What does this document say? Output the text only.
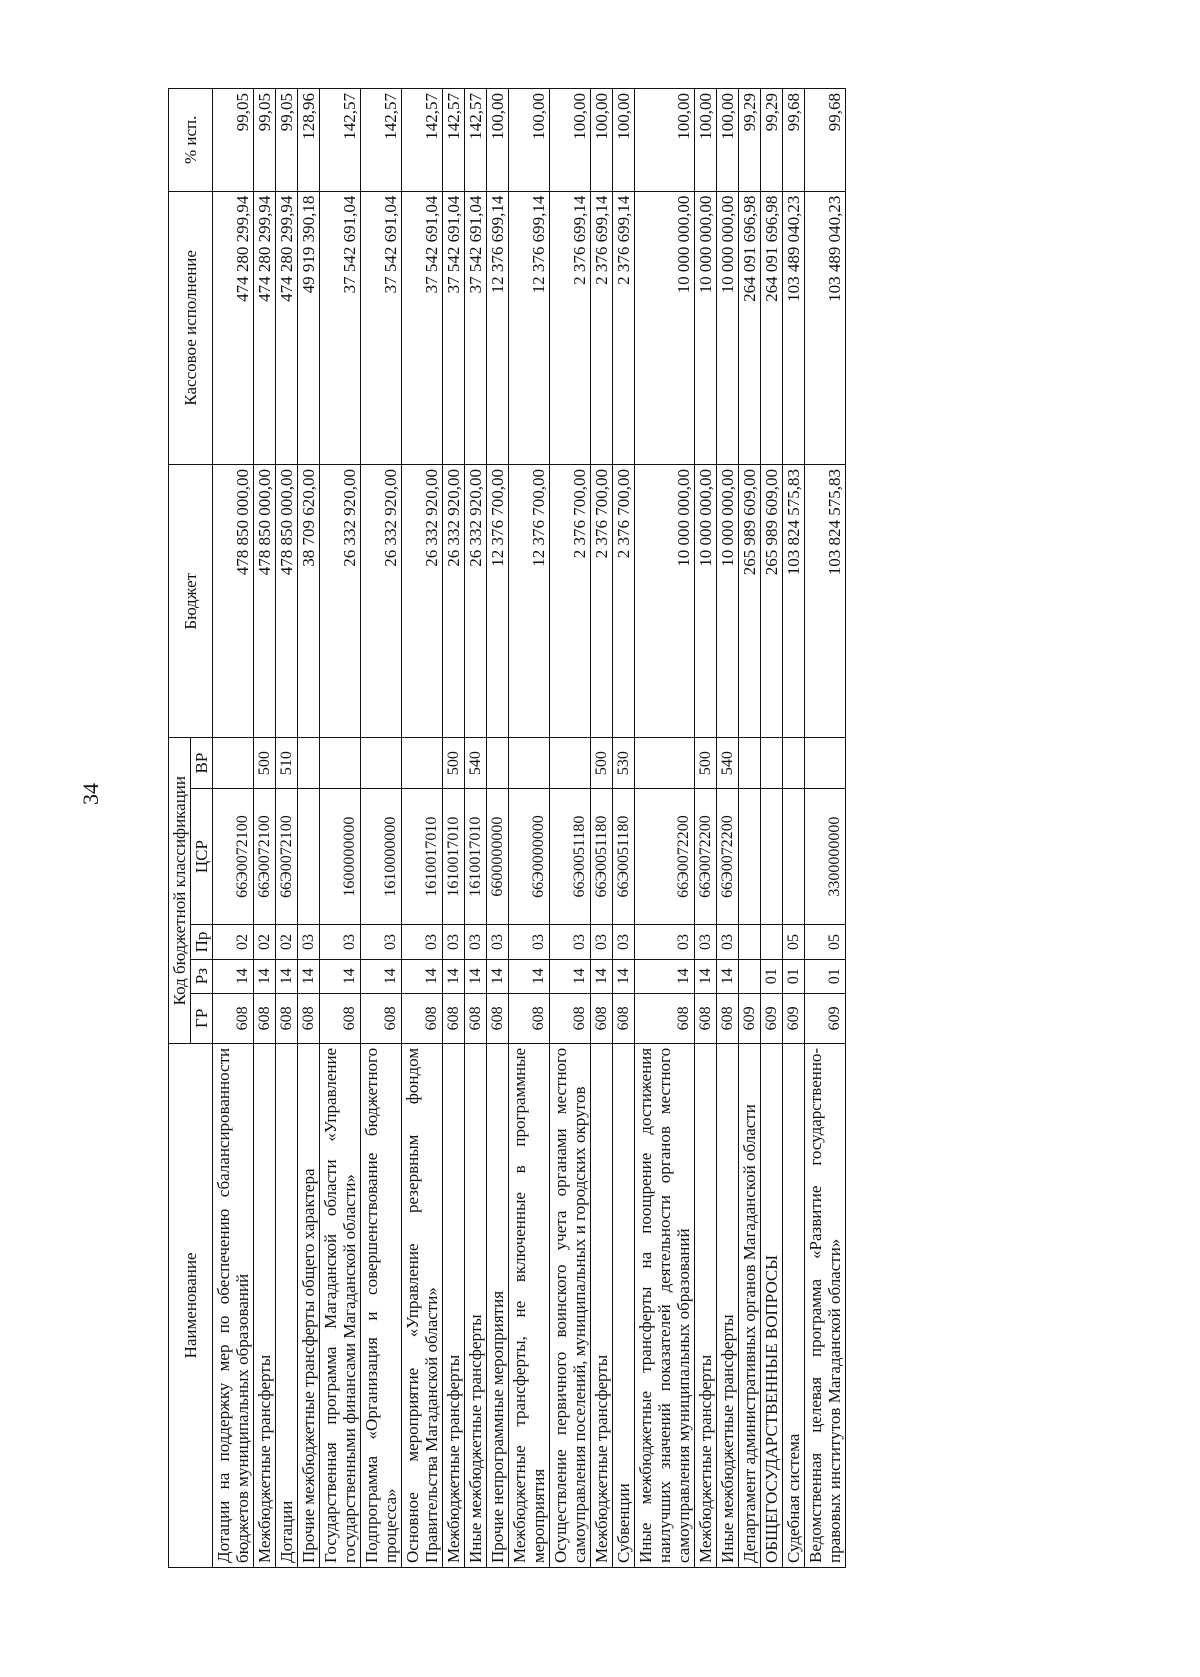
34
Наименование	Код бюджетной классификации					Бюджет	Кассовое исполнение	% исп.
	ГР	Рз	Пр	ЦСР	ВР			
Дотации на поддержку мер по обеспечению сбалансированности бюджетов муниципальных образований	608	14	02	66Э0072100		478 850 000,00	474 280 299,94	99,05
Межбюджетные трансферты	608	14	02	66Э0072100	500	478 850 000,00	474 280 299,94	99,05
Дотации	608	14	02	66Э0072100	510	478 850 000,00	474 280 299,94	99,05
Прочие межбюджетные трансферты общего характера	608	14	03			38 709 620,00	49 919 390,18	128,96
Государственная программа Магаданской области «Управление государственными финансами Магаданской области»	608	14	03	1600000000		26 332 920,00	37 542 691,04	142,57
Подпрограмма «Организация и совершенствование бюджетного процесса»	608	14	03	1610000000		26 332 920,00	37 542 691,04	142,57
Основное мероприятие «Управление резервным фондом Правительства Магаданской области»	608	14	03	1610017010		26 332 920,00	37 542 691,04	142,57
Межбюджетные трансферты	608	14	03	1610017010	500	26 332 920,00	37 542 691,04	142,57
Иные межбюджетные трансферты	608	14	03	1610017010	540	26 332 920,00	37 542 691,04	142,57
Прочие непрограммные мероприятия	608	14	03	6600000000		12 376 700,00	12 376 699,14	100,00
Межбюджетные трансферты, не включенные в программные мероприятия	608	14	03	66Э0000000		12 376 700,00	12 376 699,14	100,00
Осуществление первичного воинского учета органами местного самоуправления поселений, муниципальных и городских округов	608	14	03	66Э0051180		2 376 700,00	2 376 699,14	100,00
Межбюджетные трансферты	608	14	03	66Э0051180	500	2 376 700,00	2 376 699,14	100,00
Субвенции	608	14	03	66Э0051180	530	2 376 700,00	2 376 699,14	100,00
Иные межбюджетные трансферты на поощрение достижения наилучших значений показателей деятельности органов местного самоуправления муниципальных образований	608	14	03	66Э0072200		10 000 000,00	10 000 000,00	100,00
Межбюджетные трансферты	608	14	03	66Э0072200	500	10 000 000,00	10 000 000,00	100,00
Иные межбюджетные трансферты	608	14	03	66Э0072200	540	10 000 000,00	10 000 000,00	100,00
Департамент административных органов Магаданской области	609					265 989 609,00	264 091 696,98	99,29
ОБЩЕГОСУДАРСТВЕННЫЕ ВОПРОСЫ	609	01				265 989 609,00	264 091 696,98	99,29
Судебная система	609	01	05			103 824 575,83	103 489 040,23	99,68
Ведомственная целевая программа «Развитие государственно-правовых институтов Магаданской области»	609	01	05	3300000000		103 824 575,83	103 489 040,23	99,68
